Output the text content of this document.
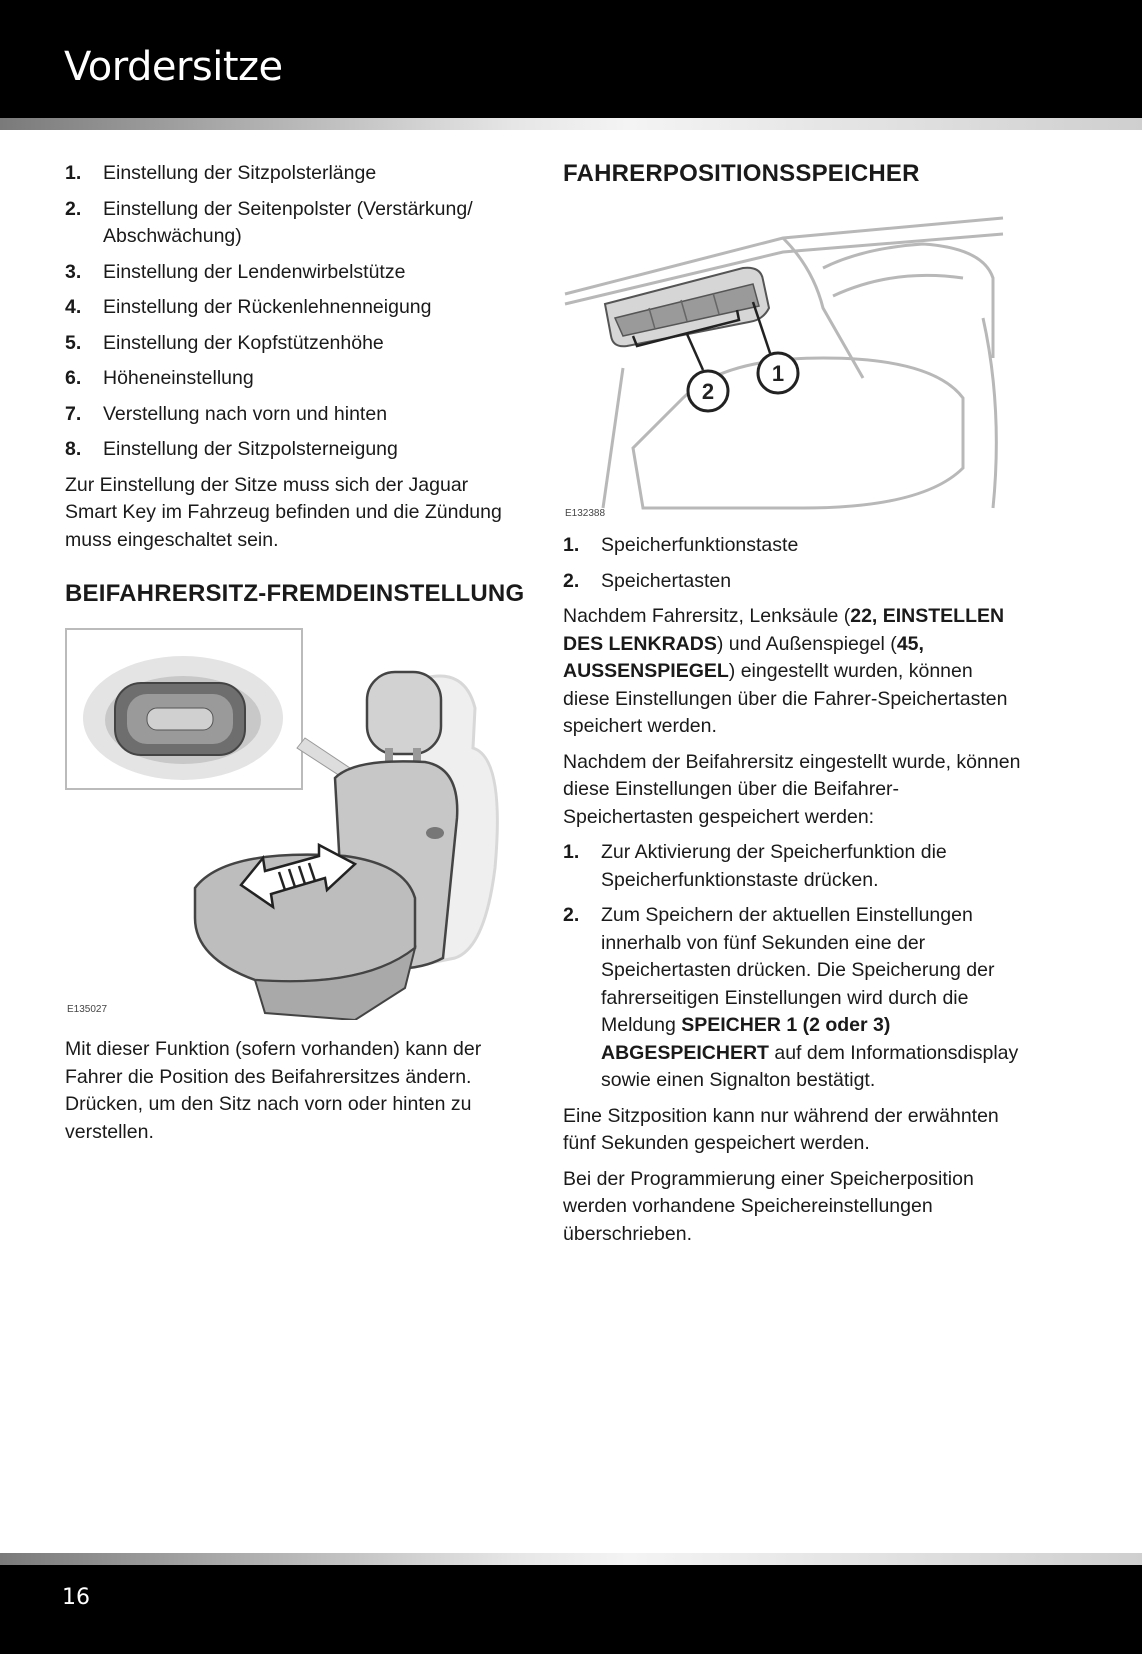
Vordersitze
1.	Einstellung der Sitzpolsterlänge
2.	Einstellung der Seitenpolster (Verstärkung/ Abschwächung)
3.	Einstellung der Lendenwirbelstütze
4.	Einstellung der Rückenlehnenneigung
5.	Einstellung der Kopfstützenhöhe
6.	Höheneinstellung
7.	Verstellung nach vorn und hinten
8.	Einstellung der Sitzpolsterneigung

Zur Einstellung der Sitze muss sich der Jaguar Smart Key im Fahrzeug befinden und die Zündung muss eingeschaltet sein.

BEIFAHRERSITZ-FREMDEINSTELLUNG
E135027

Mit dieser Funktion (sofern vorhanden) kann der Fahrer die Position des Beifahrersitzes ändern. Drücken, um den Sitz nach vorn oder hinten zu verstellen.

FAHRERPOSITIONSSPEICHER
2
1
E132388
1.	Speicherfunktionstaste
2.	Speichertasten

Nachdem Fahrersitz, Lenksäule (22, EINSTELLEN DES LENKRADS) und Außenspiegel (45, AUSSENSPIEGEL) eingestellt wurden, können diese Einstellungen über die Fahrer-Speichertasten speichert werden.

Nachdem der Beifahrersitz eingestellt wurde, können diese Einstellungen über die Beifahrer-Speichertasten gespeichert werden:

1.	Zur Aktivierung der Speicherfunktion die Speicherfunktionstaste drücken.
2.	Zum Speichern der aktuellen Einstellungen innerhalb von fünf Sekunden eine der Speichertasten drücken. Die Speicherung der fahrerseitigen Einstellungen wird durch die Meldung SPEICHER 1 (2 oder 3) ABGESPEICHERT auf dem Informationsdisplay sowie einen Signalton bestätigt.

Eine Sitzposition kann nur während der erwähnten fünf Sekunden gespeichert werden.

Bei der Programmierung einer Speicherposition werden vorhandene Speichereinstellungen überschrieben.

16
